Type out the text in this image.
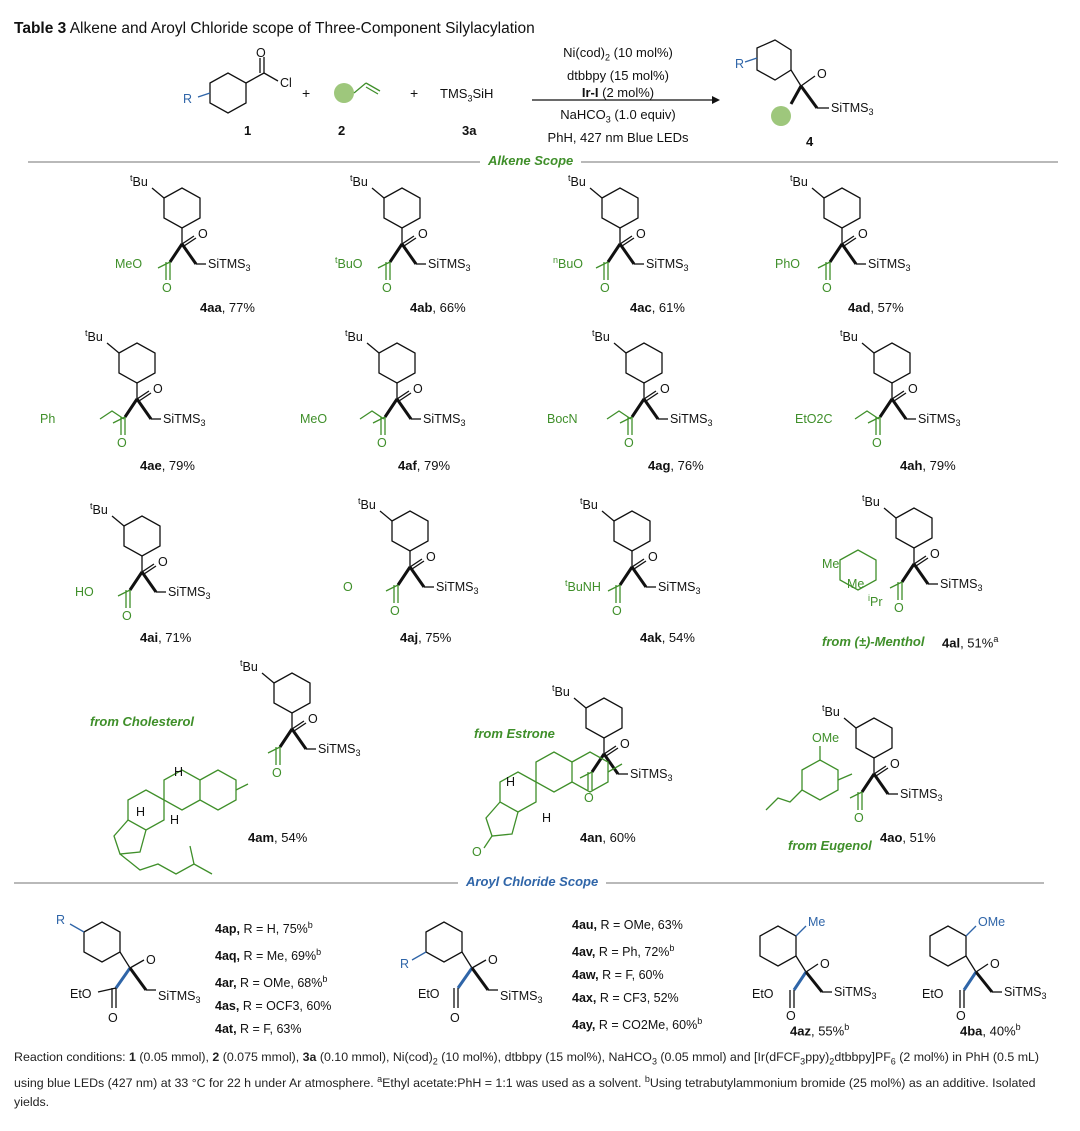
Table 3 Alkene and Aroyl Chloride scope of Three-Component Silylacylation
R
O
Cl
1
+
2
+ $TMS_3SiH$
3a
$Ni(cod)_2$ (10 mol%)
dtbbpy (15 mol%)
Ir-I (2 mol%)
NaHCO$_3$ (1.0 equiv)
PhH, 427 nm Blue LEDs
R
O
SiTMS$_3$
4
Alkene Scope
$^t$Bu
O
SiTMS$_3$
O
MeO
4aa, 77%
$^t$Bu
O
SiTMS$_3$
O
$^t$BuO
4ab, 66%
$^t$Bu
O
SiTMS$_3$
O
$^n$BuO
4ac, 61%
$^t$Bu
O
SiTMS$_3$
O
PhO
4ad, 57%
$^t$Bu
O
SiTMS$_3$
O
Ph
4ae, 79%
$^t$Bu
O
SiTMS$_3$
O
MeO
4af, 79%
$^t$Bu
O
SiTMS$_3$
O
BocN
4ag, 76%
$^t$Bu
O
SiTMS$_3$
O
EtO2C
4ah, 79%
$^t$Bu
O
SiTMS$_3$
O
HO
4ai, 71%
$^t$Bu
O
SiTMS$_3$
O
O
4aj, 75%
$^t$Bu
O
SiTMS$_3$
O
$^t$BuNH
4ak, 54%
$^t$Bu
O
SiTMS$_3$
O
Me
4al, 51%$^a$
$^t$Bu
O
SiTMS$_3$
O
4am, 54%
$^t$Bu
O
SiTMS$_3$
O
4an, 60%
$^t$Bu
O
SiTMS$_3$
O
4ao, 51%
H
H
H
O
H
H
OMe
Me
$^i$Pr
from (±)-Menthol
from Cholesterol
from Estrone
from Eugenol
Aroyl Chloride Scope
R
O
O
EtO	SiTMS$_3$
4ap, R = H, 75%$^b$
4aq, R = Me, 69%$^b$
4ar, R = OMe, 68%$^b$
4as, R = OCF3, 60%
4at, R = F, 63%
R	O
O
EtO	SiTMS$_3$
4au, R = OMe, 63%
4av, R = Ph, 72%$^b$
4aw, R = F, 60%
4ax, R = CF3, 52%
4ay, R = CO2Me, 60%$^b$
Me
O
O
EtO	SiTMS$_3$
4az, 55%$^b$
OMe
O
O
EtO	SiTMS$_3$
4ba, 40%$^b$
Reaction conditions: 1 (0.05 mmol), 2 (0.075 mmol), 3a (0.10 mmol), $Ni(cod)_2$ (10 mol%), dtbbpy (15 mol%), NaHCO$_3$ (0.05 mmol) and $[Ir(dFCF_3ppy)_2dtbbpy]PF_6$ (2 mol%) in PhH (0.5 mL) using blue LEDs (427 nm) at 33 °C for 22 h under Ar atmosphere. $^a$Ethyl acetate:PhH = 1:1 was used as a solvent. $^b$Using tetrabutylammonium bromide (25 mol%) as an additive. Isolated yields.
